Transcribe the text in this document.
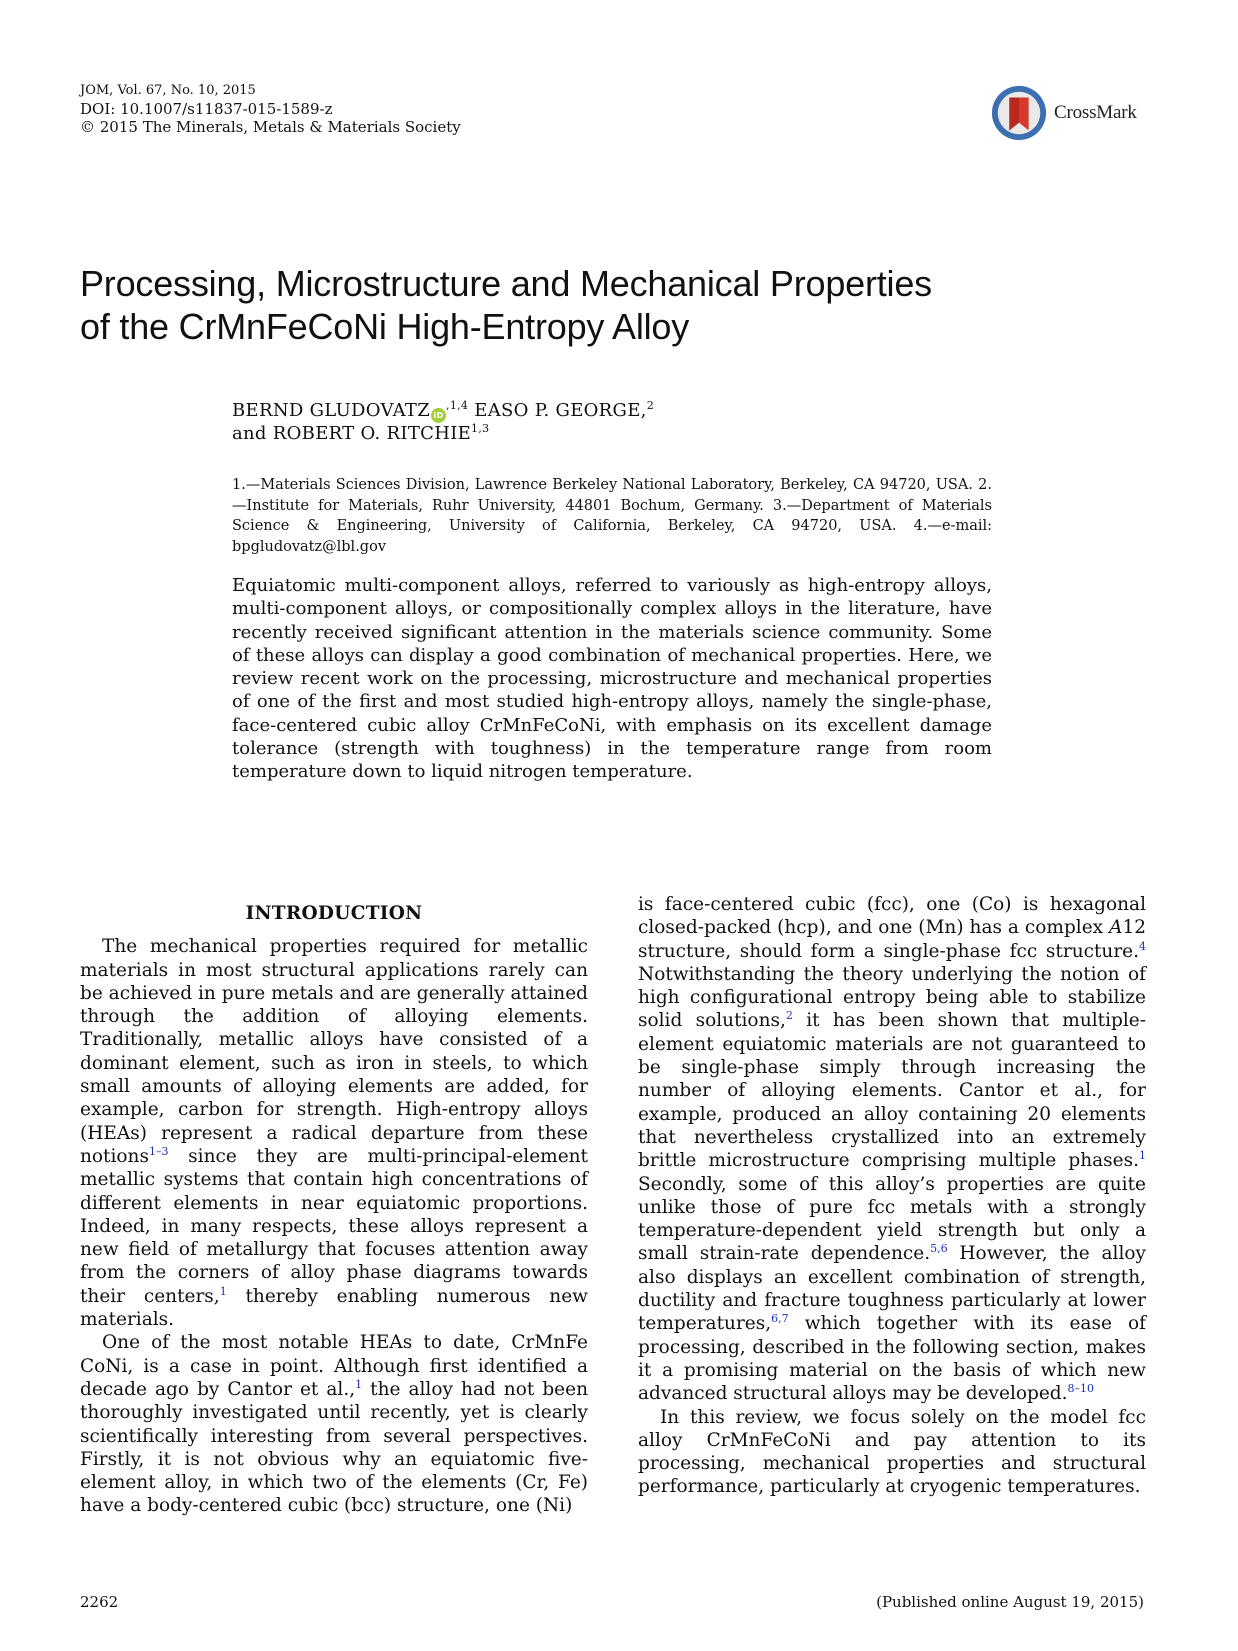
JOM, Vol. 67, No. 10, 2015
DOI: 10.1007/s11837-015-1589-z
© 2015 The Minerals, Metals & Materials Society
CrossMark
Processing, Microstructure and Mechanical Properties
of the CrMnFeCoNi High-Entropy Alloy
BERND GLUDOVATZ $iD^{,1,4}$ EASO P. GEORGE,$^2$
and ROBERT O. RITCHIE$^{1,3}$
1.—Materials Sciences Division, Lawrence Berkeley National Laboratory, Berkeley, CA 94720, USA. 2.—Institute for Materials, Ruhr University, 44801 Bochum, Germany. 3.—Department of Materials Science & Engineering, University of California, Berkeley, CA 94720, USA. 4.—e-mail: bpgludovatz@lbl.gov
Equiatomic multi-component alloys, referred to variously as high-entropy alloys, multi-component alloys, or compositionally complex alloys in the literature, have recently received significant attention in the materials science community. Some of these alloys can display a good combination of mechanical properties. Here, we review recent work on the processing, microstructure and mechanical properties of one of the first and most studied high-entropy alloys, namely the single-phase, face-centered cubic alloy CrMnFeCoNi, with emphasis on its excellent damage tolerance (strength with toughness) in the temperature range from room temperature down to liquid nitrogen temperature.
INTRODUCTION

The mechanical properties required for metallic materials in most structural applications rarely can be achieved in pure metals and are generally attained through the addition of alloying elements. Traditionally, metallic alloys have consisted of a dominant element, such as iron in steels, to which small amounts of alloying elements are added, for example, carbon for strength. High-entropy alloys (HEAs) represent a radical departure from these notions$^{1-3}$ since they are multi-principal-element metallic systems that contain high concentrations of different elements in near equiatomic proportions. Indeed, in many respects, these alloys represent a new field of metallurgy that focuses attention away from the corners of alloy phase diagrams towards their centers,$^1$ thereby enabling numerous new materials.

One of the most notable HEAs to date, CrMnFe CoNi, is a case in point. Although first identified a decade ago by Cantor et al.,$^1$ the alloy had not been thoroughly investigated until recently, yet is clearly scientifically interesting from several perspectives. Firstly, it is not obvious why an equiatomic five-element alloy, in which two of the elements (Cr, Fe) have a body-centered cubic (bcc) structure, one (Ni)

is face-centered cubic (fcc), one (Co) is hexagonal closed-packed (hcp), and one (Mn) has a complex A12 structure, should form a single-phase fcc structure.$^4$ Notwithstanding the theory underlying the notion of high configurational entropy being able to stabilize solid solutions,$^2$ it has been shown that multiple-element equiatomic materials are not guaranteed to be single-phase simply through increasing the number of alloying elements. Cantor et al., for example, produced an alloy containing 20 elements that nevertheless crystallized into an extremely brittle microstructure comprising multiple phases.$^1$ Secondly, some of this alloy’s properties are quite unlike those of pure fcc metals with a strongly temperature-dependent yield strength but only a small strain-rate dependence.$^{5,6}$ However, the alloy also displays an excellent combination of strength, ductility and fracture toughness particularly at lower temperatures,$^{6,7}$ which together with its ease of processing, described in the following section, makes it a promising material on the basis of which new advanced structural alloys may be developed.$^{8-10}$

In this review, we focus solely on the model fcc alloy CrMnFeCoNi and pay attention to its processing, mechanical properties and structural performance, particularly at cryogenic temperatures.

2262	(Published online August 19, 2015)
